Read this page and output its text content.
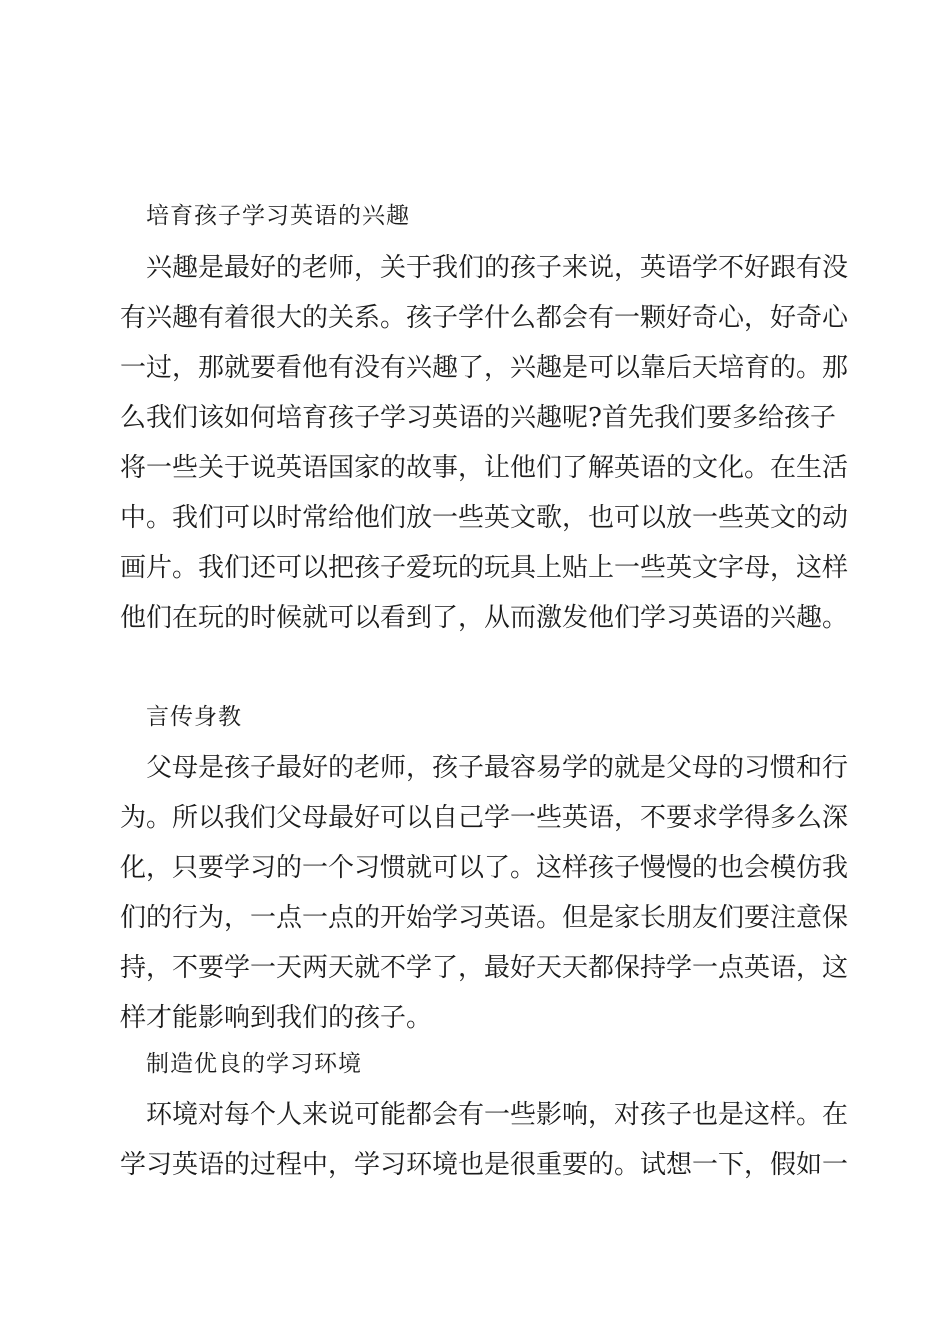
培育孩子学习英语的兴趣
兴趣是最好的老师，关于我们的孩子来说，英语学不好跟有没
有兴趣有着很大的关系。孩子学什么都会有一颗好奇心，好奇心
一过，那就要看他有没有兴趣了，兴趣是可以靠后天培育的。那
么我们该如何培育孩子学习英语的兴趣呢?首先我们要多给孩子
将一些关于说英语国家的故事，让他们了解英语的文化。在生活
中。我们可以时常给他们放一些英文歌，也可以放一些英文的动
画片。我们还可以把孩子爱玩的玩具上贴上一些英文字母，这样
他们在玩的时候就可以看到了，从而激发他们学习英语的兴趣。
言传身教
父母是孩子最好的老师，孩子最容易学的就是父母的习惯和行
为。所以我们父母最好可以自己学一些英语，不要求学得多么深
化，只要学习的一个习惯就可以了。这样孩子慢慢的也会模仿我
们的行为，一点一点的开始学习英语。但是家长朋友们要注意保
持，不要学一天两天就不学了，最好天天都保持学一点英语，这
样才能影响到我们的孩子。
制造优良的学习环境
环境对每个人来说可能都会有一些影响，对孩子也是这样。在
学习英语的过程中，学习环境也是很重要的。试想一下，假如一
